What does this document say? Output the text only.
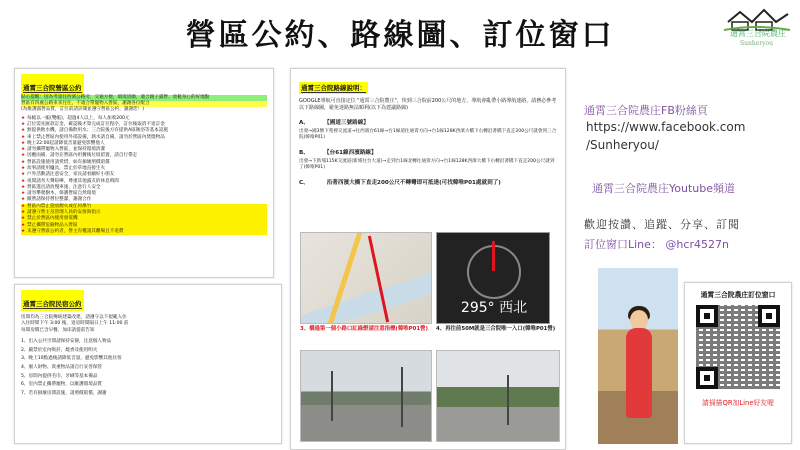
營區公約、路線圖、訂位窗口	通霄三合院農庄
Sunheryou
通霄三合院營區公約
貼心提醒：因為考量往西濱公路旁，交通方便，環境清幽，適合親子露營、放鬆身心的好地點
營區有四處公路來來往往，不適合帶寵物入營區，謝謝各位配合
(為維護露營品質，訂位前請詳閱並遵守營區公約，謝謝您！)
★ 每帳以一帳(雙帳)，超過4人以上，每人加收200元
★ 訂位需先匯款訂金，確認後才算完成訂位程序，訂位後取消不退訂金
★ 無提供飲水機，請自備飲用水；三合院後方有提供A區衛浴等基本設施
★ 車上禁止營區內使用外部設備，熱水請自備，請勿於營區內焚燒物品
★ 晚上22:00起請降低音量避免影響他人
★ 請勿攜帶寵物入營區，並保持環境清潔
★ 因應雨備，請勿在營區內用餐後垃圾留置，請自行帶走
★ 營區設施使用請愛惜，如有損壞照價賠償
★ 炊事請使用爐具，禁止於草地直接生火
★ 戶外活動請注意安全，家長請看顧好小朋友
★ 夜間請勿大聲喧嘩，尊重其他露友的休息時間
★ 營區進出請放慢車速，注意行人安全
★ 請勿攀爬樹木，保護營區自然環境
★ 撤營請保持營位整潔，謝謝合作
★ 營區內禁止施放煙火或任何爆竹
★ 請遵守營主及管理人員的安排與指示
★ 禁止於營區內使用發電機
★ 禁止攜帶危險物品入營區
★ 未遵守營區公約者，營主有權請其離場且不退費
通霄三合院民宿公約

房間均為三合院傳統建築改建，請遵守以下規範入住

入住時間下午 3:00 後，退房時間隔日上午 11:00 前

每間房價已含早餐，加床請提前告知

1、出入公共空間請保持安靜，注意個人物品
2、嚴禁於室內吸菸、燒香及使用明火
3、晚上10點過後請降低音量，避免影響其他住客
4、個人財物、貴重物品請自行妥善保管
5、房間內提供毛巾、牙刷等基本備品
6、室內禁止攜帶寵物，以維護環境品質
7、若有損壞房間設施，請照價賠償，謝謝
通霄三合院路線說明：
GOOGLE導航可直接定位 "通霄三合院農庄"，快到三合院前200公尺的地方，導航會亂帶小路導航迷路，請務必參考以下路線圖，避免迷路無法順利(以下為建議路線)
A、	【國道三號路線】
出發→國3號下苑裡交流道→往西濱台61線→台1線道往通霄方向→台1線128K西濱大橋下右轉沿著橋下直走200公尺就會到三合院(韓唯P01)
B、	【台61線西濱路線】
出發→下新埔115K交流道(新埔往台大道)→走到台1線北轉往通霄方向→台1線128K西濱大橋下右轉沿著橋下直走200公尺就到了(韓唯P01)
C、	沿著西濱大橋下直走200公尺不轉彎即可抵達(可找韓唯P01處就到了)
295° 西北
3、橋過第一個小路口紅綠燈請注意指標(韓唯P01營)	4、再往前50M就是三合院唯一入口(韓唯P01營)
通霄三合院農庄FB粉絲頁
https://www.facebook.com
/Sunheryou/
通霄三合院農庄Youtube頻道
歡迎按讚、追蹤、分享、訂閱
訂位窗口Line： @hcr4527n
通霄三合院農庄訂位窗口
請掃描QR加Line好友喔
